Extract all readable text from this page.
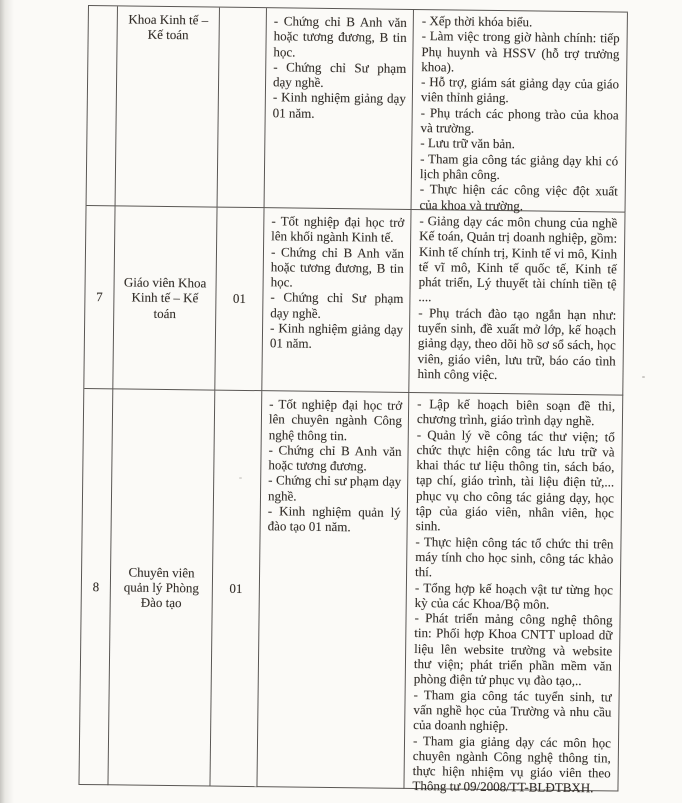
Khoa Kinh tế – Kế toán

- Chứng chỉ B Anh văn hoặc tương đương, B tin học.

- Chứng chỉ Sư phạm dạy nghề.

- Kinh nghiệm giảng dạy 01 năm.

- Xếp thời khóa biểu.

- Làm việc trong giờ hành chính: tiếp Phụ huynh và HSSV (hỗ trợ trưởng khoa).

- Hỗ trợ, giám sát giảng dạy của giáo viên thỉnh giảng.

- Phụ trách các phong trào của khoa và trường.

- Lưu trữ văn bản.

- Tham gia công tác giảng dạy khi có lịch phân công.

- Thực hiện các công việc đột xuất của khoa và trường.

7
Giáo viên Khoa Kinh tế – Kế toán
01

- Tốt nghiệp đại học trở lên khối ngành Kinh tế.

- Chứng chỉ B Anh văn hoặc tương đương, B tin học.

- Chứng chỉ Sư phạm dạy nghề.

- Kinh nghiệm giảng dạy 01 năm.

- Giảng dạy các môn chung của nghề Kế toán, Quản trị doanh nghiệp, gồm: Kinh tế chính trị, Kinh tế vi mô, Kinh tế vĩ mô, Kinh tế quốc tế, Kinh tế phát triển, Lý thuyết tài chính tiền tệ ....

- Phụ trách đào tạo ngắn hạn như: tuyển sinh, đề xuất mở lớp, kế hoạch giảng dạy, theo dõi hồ sơ sổ sách, học viên, giáo viên, lưu trữ, báo cáo tình hình công việc.

8
Chuyên viên quản lý Phòng Đào tạo
01

- Tốt nghiệp đại học trở lên chuyên ngành Công nghệ thông tin.

- Chứng chỉ B Anh văn hoặc tương đương.

- Chứng chỉ sư phạm dạy nghề.

- Kinh nghiệm quản lý đào tạo 01 năm.

- Lập kế hoạch biên soạn đề thi, chương trình, giáo trình dạy nghề.

- Quản lý về công tác thư viện; tổ chức thực hiện công tác lưu trữ và khai thác tư liệu thông tin, sách báo, tạp chí, giáo trình, tài liệu điện tử,... phục vụ cho công tác giảng dạy, học tập của giáo viên, nhân viên, học sinh.

- Thực hiện công tác tổ chức thi trên máy tính cho học sinh, công tác khảo thí.

- Tổng hợp kế hoạch vật tư từng học kỳ của các Khoa/Bộ môn.

- Phát triển mảng công nghệ thông tin: Phối hợp Khoa CNTT upload dữ liệu lên website trường và website thư viện; phát triển phần mềm văn phòng điện tử phục vụ đào tạo,..

- Tham gia công tác tuyển sinh, tư vấn nghề học của Trường và nhu cầu của doanh nghiệp.

- Tham gia giảng dạy các môn học chuyên ngành Công nghệ thông tin, thực hiện nhiệm vụ giáo viên theo Thông tư 09/2008/TT-BLĐTBXH.
